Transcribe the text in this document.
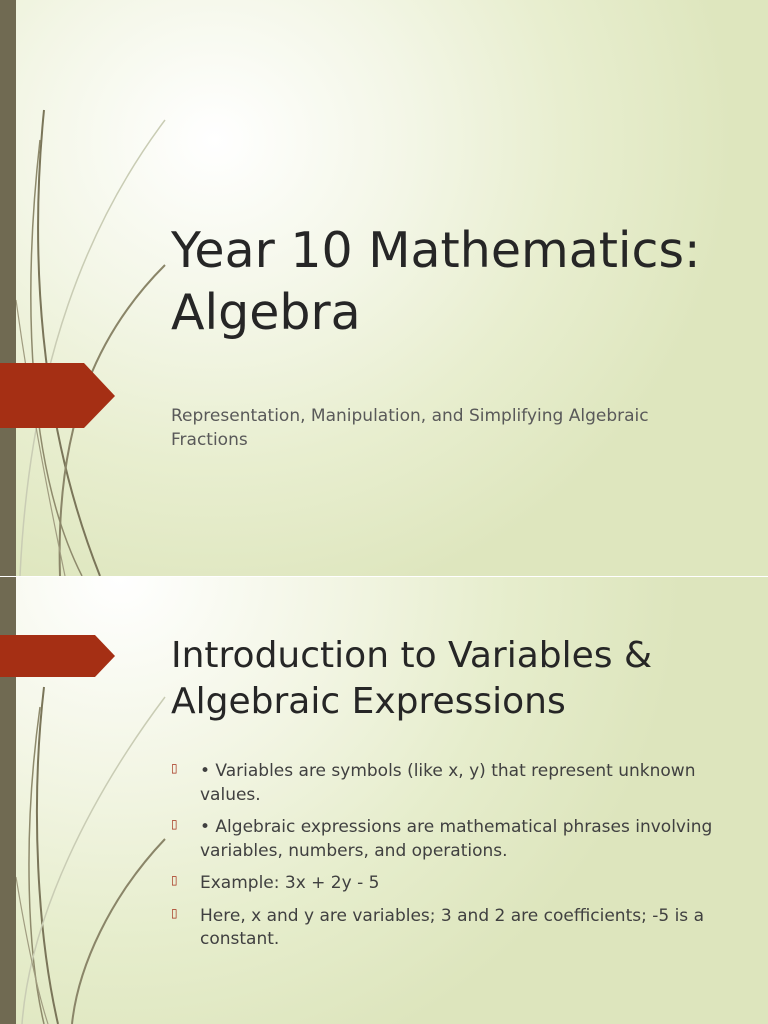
Year 10 Mathematics: Algebra

Representation, Manipulation, and Simplifying Algebraic Fractions

Introduction to Variables & Algebraic Expressions
▯ • Variables are symbols (like x, y) that represent unknown values.
▯ • Algebraic expressions are mathematical phrases involving variables, numbers, and operations.
▯ Example: 3x + 2y - 5
▯ Here, x and y are variables; 3 and 2 are coefficients; -5 is a constant.
